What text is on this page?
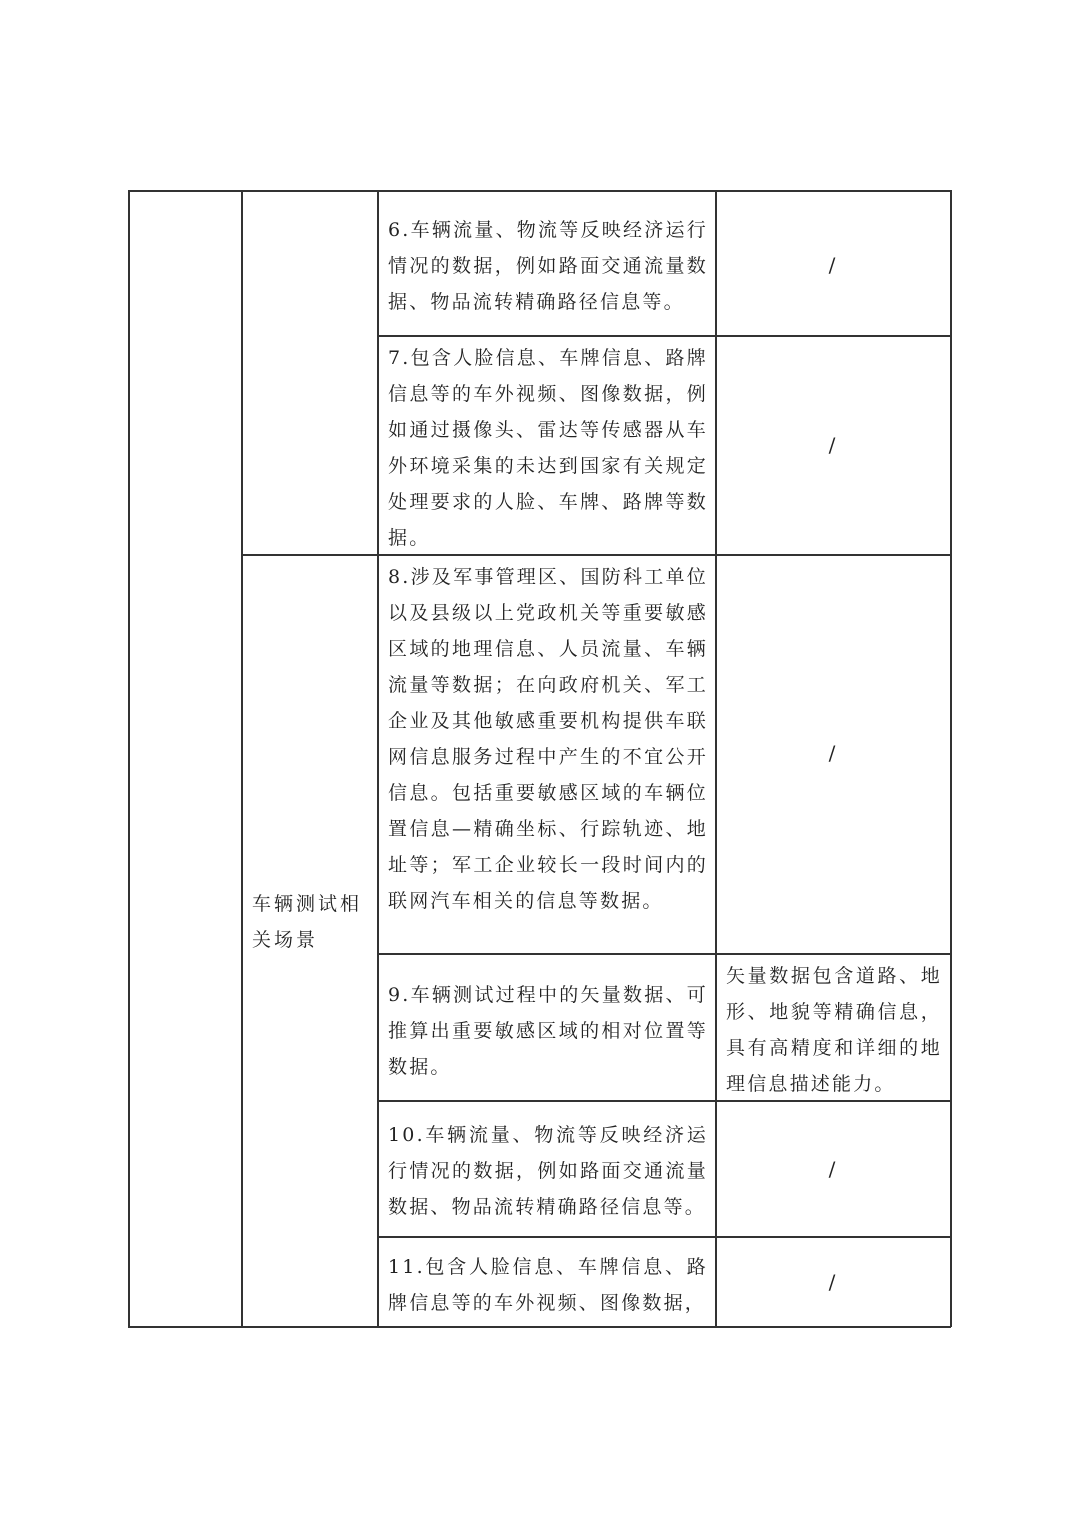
车辆测试相关场景
6.车辆流量、物流等反映经济运行情况的数据，例如路面交通流量数据、物品流转精确路径信息等。
/
7.包含人脸信息、车牌信息、路牌信息等的车外视频、图像数据，例如通过摄像头、雷达等传感器从车外环境采集的未达到国家有关规定处理要求的人脸、车牌、路牌等数据。
/
8.涉及军事管理区、国防科工单位以及县级以上党政机关等重要敏感区域的地理信息、人员流量、车辆流量等数据；在向政府机关、军工企业及其他敏感重要机构提供车联网信息服务过程中产生的不宜公开信息。包括重要敏感区域的车辆位置信息—精确坐标、行踪轨迹、地址等；军工企业较长一段时间内的联网汽车相关的信息等数据。
/
9.车辆测试过程中的矢量数据、可推算出重要敏感区域的相对位置等数据。
矢量数据包含道路、地形、地貌等精确信息，具有高精度和详细的地理信息描述能力。
10.车辆流量、物流等反映经济运行情况的数据，例如路面交通流量数据、物品流转精确路径信息等。
/
11.包含人脸信息、车牌信息、路牌信息等的车外视频、图像数据，
/
